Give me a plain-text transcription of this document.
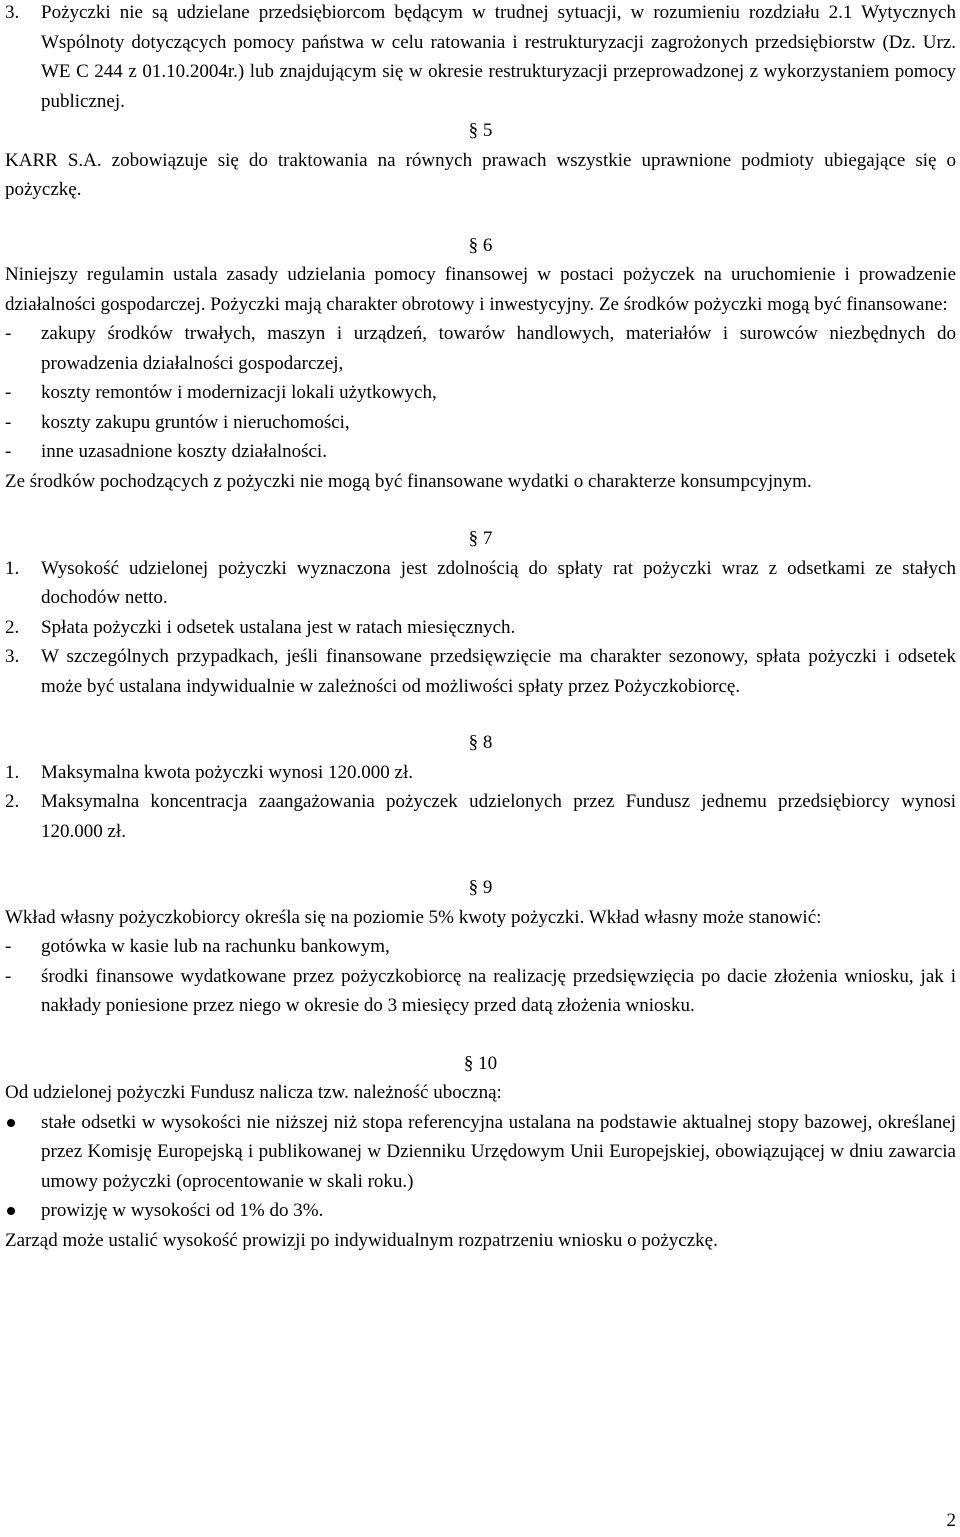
3. Pożyczki nie są udzielane przedsiębiorcom będącym w trudnej sytuacji, w rozumieniu rozdziału 2.1 Wytycznych Wspólnoty dotyczących pomocy państwa w celu ratowania i restrukturyzacji zagrożonych przedsiębiorstw (Dz. Urz. WE C 244 z 01.10.2004r.) lub znajdującym się w okresie restrukturyzacji przeprowadzonej z wykorzystaniem pomocy publicznej.
§ 5

KARR S.A. zobowiązuje się do traktowania na równych prawach wszystkie uprawnione podmioty ubiegające się o pożyczkę.

§ 6

Niniejszy regulamin ustala zasady udzielania pomocy finansowej w postaci pożyczek na uruchomienie i prowadzenie działalności gospodarczej. Pożyczki mają charakter obrotowy i inwestycyjny. Ze środków pożyczki mogą być finansowane:

- zakupy środków trwałych, maszyn i urządzeń, towarów handlowych, materiałów i surowców niezbędnych do prowadzenia działalności gospodarczej,
- koszty remontów i modernizacji lokali użytkowych,
- koszty zakupu gruntów i nieruchomości,
- inne uzasadnione koszty działalności.

Ze środków pochodzących z pożyczki nie mogą być finansowane wydatki o charakterze konsumpcyjnym.

§ 7
1. Wysokość udzielonej pożyczki wyznaczona jest zdolnością do spłaty rat pożyczki wraz z odsetkami ze stałych dochodów netto.
2. Spłata pożyczki i odsetek ustalana jest w ratach miesięcznych.
3. W szczególnych przypadkach, jeśli finansowane przedsięwzięcie ma charakter sezonowy, spłata pożyczki i odsetek może być ustalana indywidualnie w zależności od możliwości spłaty przez Pożyczkobiorcę.
§ 8
1. Maksymalna kwota pożyczki wynosi 120.000 zł.
2. Maksymalna koncentracja zaangażowania pożyczek udzielonych przez Fundusz jednemu przedsiębiorcy wynosi 120.000 zł.
§ 9

Wkład własny pożyczkobiorcy określa się na poziomie 5% kwoty pożyczki. Wkład własny może stanowić:

- gotówka w kasie lub na rachunku bankowym,
- środki finansowe wydatkowane przez pożyczkobiorcę na realizację przedsięwzięcia po dacie złożenia wniosku, jak i nakłady poniesione przez niego w okresie do 3 miesięcy przed datą złożenia wniosku.
§ 10

Od udzielonej pożyczki Fundusz nalicza tzw. należność uboczną:

stałe odsetki w wysokości nie niższej niż stopa referencyjna ustalana na podstawie aktualnej stopy bazowej, określanej przez Komisję Europejską i publikowanej w Dzienniku Urzędowym Unii Europejskiej, obowiązującej w dniu zawarcia umowy pożyczki (oprocentowanie w skali roku.)
prowizję w wysokości od 1% do 3%.

Zarząd może ustalić wysokość prowizji po indywidualnym rozpatrzeniu wniosku o pożyczkę.

2
